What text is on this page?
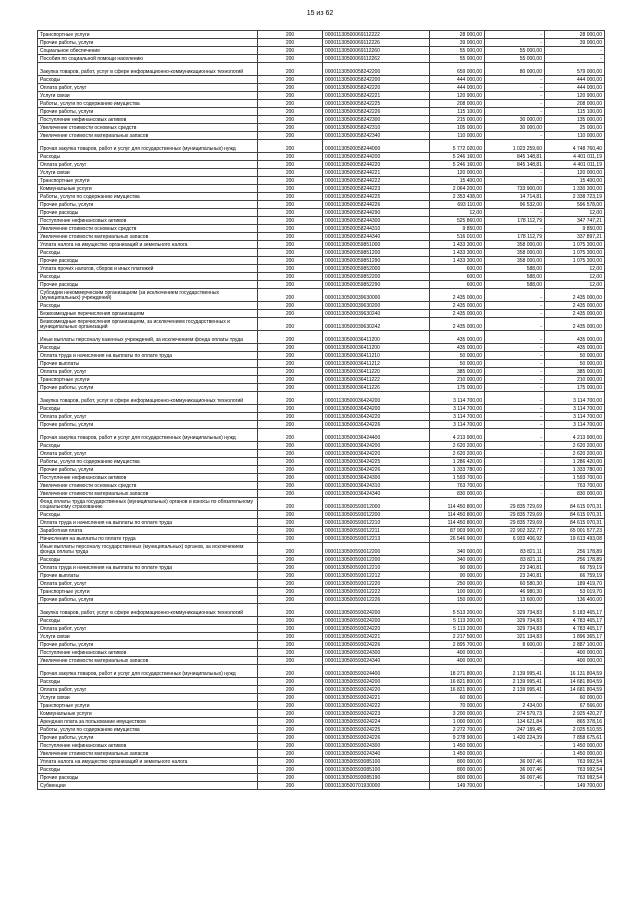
15 из 62
Транспортные услуги	200	00001130500069112222	28 000,00	-	28 000,00
Прочие работы, услуги	200	00001130500069112226	39 000,00	-	39 000,00
Социальное обеспечение	200	00001130500069112260	55 000,00	55 000,00	-
Пособия по социальной помощи населению	200	00001130500069112262	55 000,00	55 000,00	-
Закупка товаров, работ, услуг в сфере информационно-коммуникационных технологий	200	00001130500058242200	659 000,00	80 000,00	579 000,00
Расходы	200	00001130500058242200	444 000,00	-	444 000,00
Оплата работ, услуг	200	00001130500058242220	444 000,00	-	444 000,00
Услуги связи	200	00001130500058242221	120 900,00	-	120 900,00
Работы, услуги по содержанию имущества	200	00001130500058242225	208 000,00	-	208 000,00
Прочие работы, услуги	200	00001130500058242226	115 100,00	-	115 100,00
Поступление нефинансовых активов	200	00001130500058242300	215 000,00	30 000,00	135 000,00
Увеличение стоимости основных средств	200	00001130500058242310	105 000,00	30 000,00	25 000,00
Увеличение стоимости материальных запасов	200	00001130500058242340	110 000,00	-	110 000,00
Прочая закупка товаров, работ и услуг для государственных (муниципальных) нужд	200	00001130500058244000	5 772 020,00	1 023 259,60	4 748 760,40
Расходы	200	00001130500058244200	5 246 160,00	845 148,81	4 401 011,19
Оплата работ, услуг	200	00001130500058244220	5 246 160,00	845 148,81	4 401 011,19
Услуги связи	200	00001130500058244221	120 000,00	-	120 000,00
Транспортные услуги	200	00001130500058244222	15 400,00	-	15 400,00
Коммунальные услуги	200	00001130500058244223	2 064 200,00	733 900,00	1 330 300,00
Работы, услуги по содержанию имущества	200	00001130500058244225	2 353 438,00	14 714,81	2 338 723,19
Прочие работы, услуги	200	00001130500058244226	693 110,00	96 532,00	596 578,00
Прочие расходы	200	00001130500058244290	12,00	-	12,00
Поступление нефинансовых активов	200	00001130500058244300	525 860,00	178 112,79	347 747,21
Увеличение стоимости основных средств	200	00001130500058244310	9 850,00	-	9 850,00
Увеличение стоимости материальных запасов	200	00001130500058244340	516 010,00	178 112,79	337 897,21
Уплата налога на имущество организаций и земельного налога	200	00001130500059851000	1 433 300,00	358 000,00	1 075 300,00
Расходы	200	00001130500059851200	1 433 300,00	358 000,00	1 075 300,00
Прочие расходы	200	00001130500059851290	1 433 300,00	358 000,00	1 075 300,00
Уплата прочих налогов, сборов и иных платежей	200	00001130500059852000	600,00	588,00	12,00
Расходы	200	00001130500059852200	600,00	588,00	12,00
Прочие расходы	200	00001130500059852290	600,00	588,00	12,00
Субсидии некоммерческим организациям (за исключением государственных (муниципальных) учреждений)	200	00001130500039630000	2 435 000,00	-	2 435 000,00
Расходы	200	00001130500039630200	2 435 000,00	-	2 435 000,00
Безвозмездные перечисления организациям	200	00001130500039630240	2 435 000,00	-	2 435 000,00
Безвозмездные перечисления организациям, за исключением государственных и муниципальных организаций	200	00001130500039630242	2 435 000,00	-	2 435 000,00
Иные выплаты персоналу казенных учреждений, за исключением фонда оплаты труда	200	00001130500036411200	435 000,00	-	435 000,00
Расходы	200	00001130500036411200	435 000,00	-	435 000,00
Оплата труда и начисления на выплаты по оплате труда	200	00001130500036411210	50 000,00	-	50 000,00
Прочие выплаты	200	00001130500036411212	50 000,00	-	50 000,00
Оплата работ, услуг	200	00001130500036411220	385 000,00	-	385 000,00
Транспортные услуги	200	00001130500036411222	210 000,00	-	210 000,00
Прочие работы, услуги	200	00001130500036411226	175 000,00	-	175 000,00
Закупка товаров, работ, услуг в сфере информационно-коммуникационных технологий	200	00001130500036424200	3 114 700,00	-	3 114 700,00
Расходы	200	00001130500036424200	3 114 700,00	-	3 114 700,00
Оплата работ, услуг	200	00001130500036424220	3 114 700,00	-	3 114 700,00
Прочие работы, услуги	200	00001130500036424226	3 114 700,00	-	3 114 700,00
Прочая закупка товаров, работ и услуг для государственных (муниципальных) нужд	200	00001130500036424400	4 213 900,00	-	4 213 900,00
Расходы	200	00001130500036424200	2 620 200,00	-	2 620 200,00
Оплата работ, услуг	200	00001130500036424220	2 620 200,00	-	2 620 200,00
Работы, услуги по содержанию имущества	200	00001130500036424225	1 286 420,00	-	1 286 420,00
Прочие работы, услуги	200	00001130500036424226	1 333 780,00	-	1 333 780,00
Поступление нефинансовых активов	200	00001130500036424300	1 593 700,00	-	1 593 700,00
Увеличение стоимости основных средств	200	00001130500036424310	763 700,00	-	763 700,00
Увеличение стоимости материальных запасов	200	00001130500036424340	830 000,00	-	830 000,00
Фонд оплаты труда государственных (муниципальных) органов и взносы по обязательному социальному страхованию	200	00001130500593012000	114 450 800,00	29 835 729,69	84 615 070,31
Расходы	200	00001130500593012200	114 450 800,00	29 835 729,69	84 615 070,31
Оплата труда и начисления на выплаты по оплате труда	200	00001130500593012210	114 450 800,00	29 835 729,69	84 615 070,31
Заработная плата	200	00001130500593012211	87 903 900,00	22 902 322,77	65 001 577,23
Начисления на выплаты по оплате труда	200	00001130500593012213	26 546 900,00	6 933 406,92	19 613 493,08
Иные выплаты персоналу государственных (муниципальных) органов, за исключением фонда оплаты труда	200	00001130500593012200	340 000,00	83 821,11	256 178,89
Расходы	200	00001130500593012200	340 000,00	83 821,11	256 178,89
Оплата труда и начисления на выплаты по оплате труда	200	00001130500593012210	90 000,00	23 240,81	66 759,19
Прочие выплаты	200	00001130500593012212	90 000,00	23 240,81	66 759,19
Оплата работ, услуг	200	00001130500593012220	250 000,00	60 580,30	189 419,70
Транспортные услуги	200	00001130500593012222	100 000,00	46 980,30	53 019,70
Прочие работы, услуги	200	00001130500593012226	150 000,00	13 600,00	136 400,00
Закупка товаров, работ, услуг в сфере информационно-коммуникационных технологий	200	00001130500593024200	5 513 200,00	329 734,83	5 183 465,17
Расходы	200	00001130500593024200	5 113 200,00	329 734,83	4 783 465,17
Оплата работ, услуг	200	00001130500593024220	5 113 200,00	329 734,83	4 783 465,17
Услуги связи	200	00001130500593024221	2 217 500,00	321 134,83	1 896 365,17
Прочие работы, услуги	200	00001130500593024226	2 895 700,00	8 600,00	2 887 100,00
Поступление нефинансовых активов	200	00001130500593024300	400 000,00	-	400 000,00
Увеличение стоимости материальных запасов	200	00001130500593024340	400 000,00	-	400 000,00
Прочая закупка товаров, работ и услуг для государственных (муниципальных) нужд	200	00001130500593024400	18 271 800,00	2 139 995,41	16 131 804,59
Расходы	200	00001130500593024200	16 821 800,00	2 139 995,41	14 681 804,59
Оплата работ, услуг	200	00001130500593024220	16 821 800,00	2 139 995,41	14 681 804,59
Услуги связи	200	00001130500593024221	60 000,00	-	60 000,00
Транспортные услуги	200	00001130500593024222	70 000,00	2 434,00	67 566,00
Коммунальные услуги	200	00001130500593024223	3 200 000,00	274 579,73	2 925 420,27
Арендная плата за пользование имуществом	200	00001130500593024224	1 000 000,00	134 621,84	865 378,16
Работы, услуги по содержанию имущества	200	00001130500593024225	2 272 700,00	247 189,45	2 025 510,55
Прочие работы, услуги	200	00001130500593024226	9 278 900,00	1 420 224,39	7 858 675,61
Поступление нефинансовых активов	200	00001130500593024300	1 450 000,00	-	1 450 000,00
Увеличение стоимости материальных запасов	200	00001130500593024340	1 450 000,00	-	1 450 000,00
Уплата налога на имущество организаций и земельного налога	200	00001130500593085100	800 000,00	36 007,46	763 992,54
Расходы	200	00001130500593085100	800 000,00	36 007,46	763 992,54
Прочие расходы	200	00001130500593085190	800 000,00	36 007,46	763 992,54
Субвенции	200	00001130500701930000	149 700,00	-	149 700,00
